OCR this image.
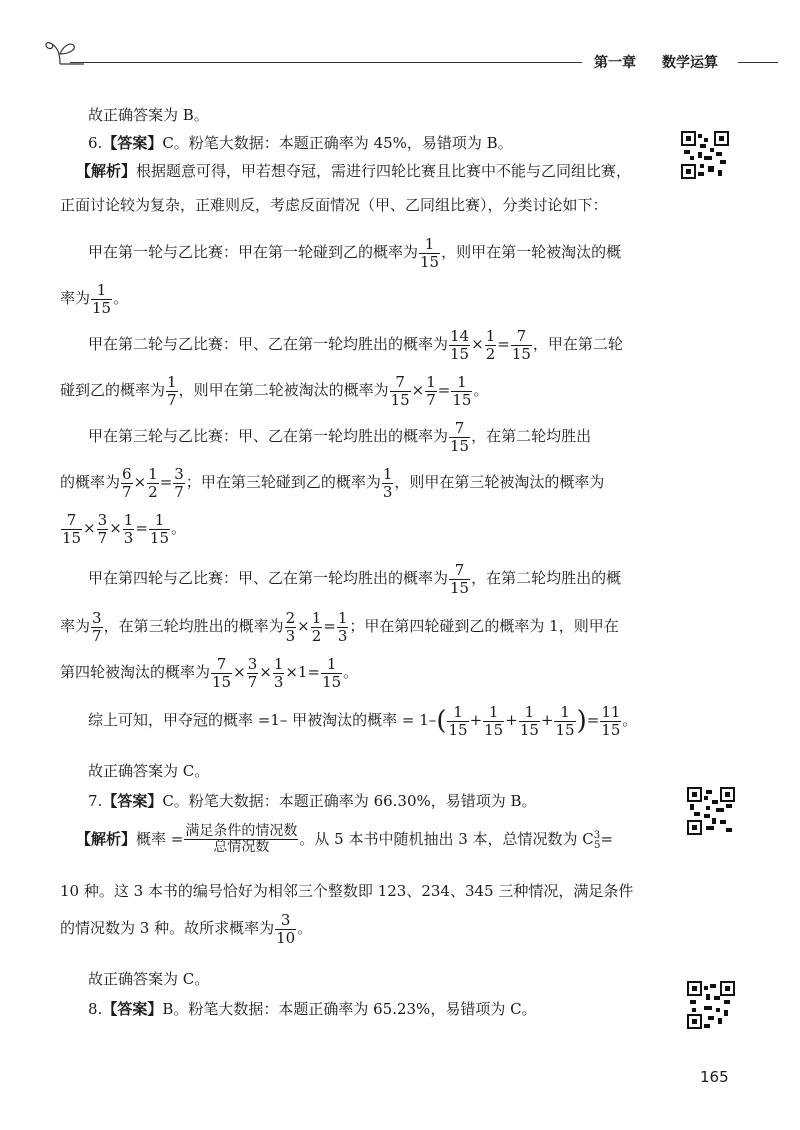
第一章 数学运算
故正确答案为 B。
6.【答案】C。粉笔大数据：本题正确率为 45%，易错项为 B。
【解析】根据题意可得，甲若想夺冠，需进行四轮比赛且比赛中不能与乙同组比赛，
正面讨论较为复杂，正难则反，考虑反面情况（甲、乙同组比赛），分类讨论如下：
甲在第一轮与乙比赛：甲在第一轮碰到乙的概率为 $\frac{1}{15}$ ，则甲在第一轮被淘汰的概
率为 $\frac{1}{15}$ 。
甲在第二轮与乙比赛：甲、乙在第一轮均胜出的概率为 $\frac{14}{15} \times \frac{1}{2} = \frac{7}{15}$ ，甲在第二轮
碰到乙的概率为 $\frac{1}{7}$ ，则甲在第二轮被淘汰的概率为 $\frac{7}{15} \times \frac{1}{7} = \frac{1}{15}$ 。
甲在第三轮与乙比赛：甲、乙在第一轮均胜出的概率为 $\frac{7}{15}$ ，在第二轮均胜出
的概率为 $\frac{6}{7} \times \frac{1}{2} = \frac{3}{7}$ ；甲在第三轮碰到乙的概率为 $\frac{1}{3}$ ，则甲在第三轮被淘汰的概率为
$\frac{7}{15} \times \frac{3}{7} \times \frac{1}{3} = \frac{1}{15}$ 。
甲在第四轮与乙比赛：甲、乙在第一轮均胜出的概率为 $\frac{7}{15}$ ，在第二轮均胜出的概
率为 $\frac{3}{7}$ ，在第三轮均胜出的概率为 $\frac{2}{3} \times \frac{1}{2} = \frac{1}{3}$ ；甲在第四轮碰到乙的概率为 1，则甲在
第四轮被淘汰的概率为 $\frac{7}{15} \times \frac{3}{7} \times \frac{1}{3} \times 1= \frac{1}{15}$ 。
综上可知，甲夺冠的概率 =1– 甲被淘汰的概率 = $1-( \frac{1}{15} + \frac{1}{15} + \frac{1}{15} + \frac{1}{15}$ )= $\frac{11}{15}$ 。
故正确答案为 C。
7.【答案】C。粉笔大数据：本题正确率为 66.30%，易错项为 B。
【解析】概率 = $\frac{\text{满足条件的情况数}}{\text{总情况数}}$ 。从 5 本书中随机抽出 3 本，总情况数为 $C^3_5=$
10 种。这 3 本书的编号恰好为相邻三个整数即 123、234、345 三种情况，满足条件
的情况数为 3 种。故所求概率为 $\frac{3}{10}$ 。
故正确答案为 C。
8.【答案】B。粉笔大数据：本题正确率为 65.23%，易错项为 C。
165
